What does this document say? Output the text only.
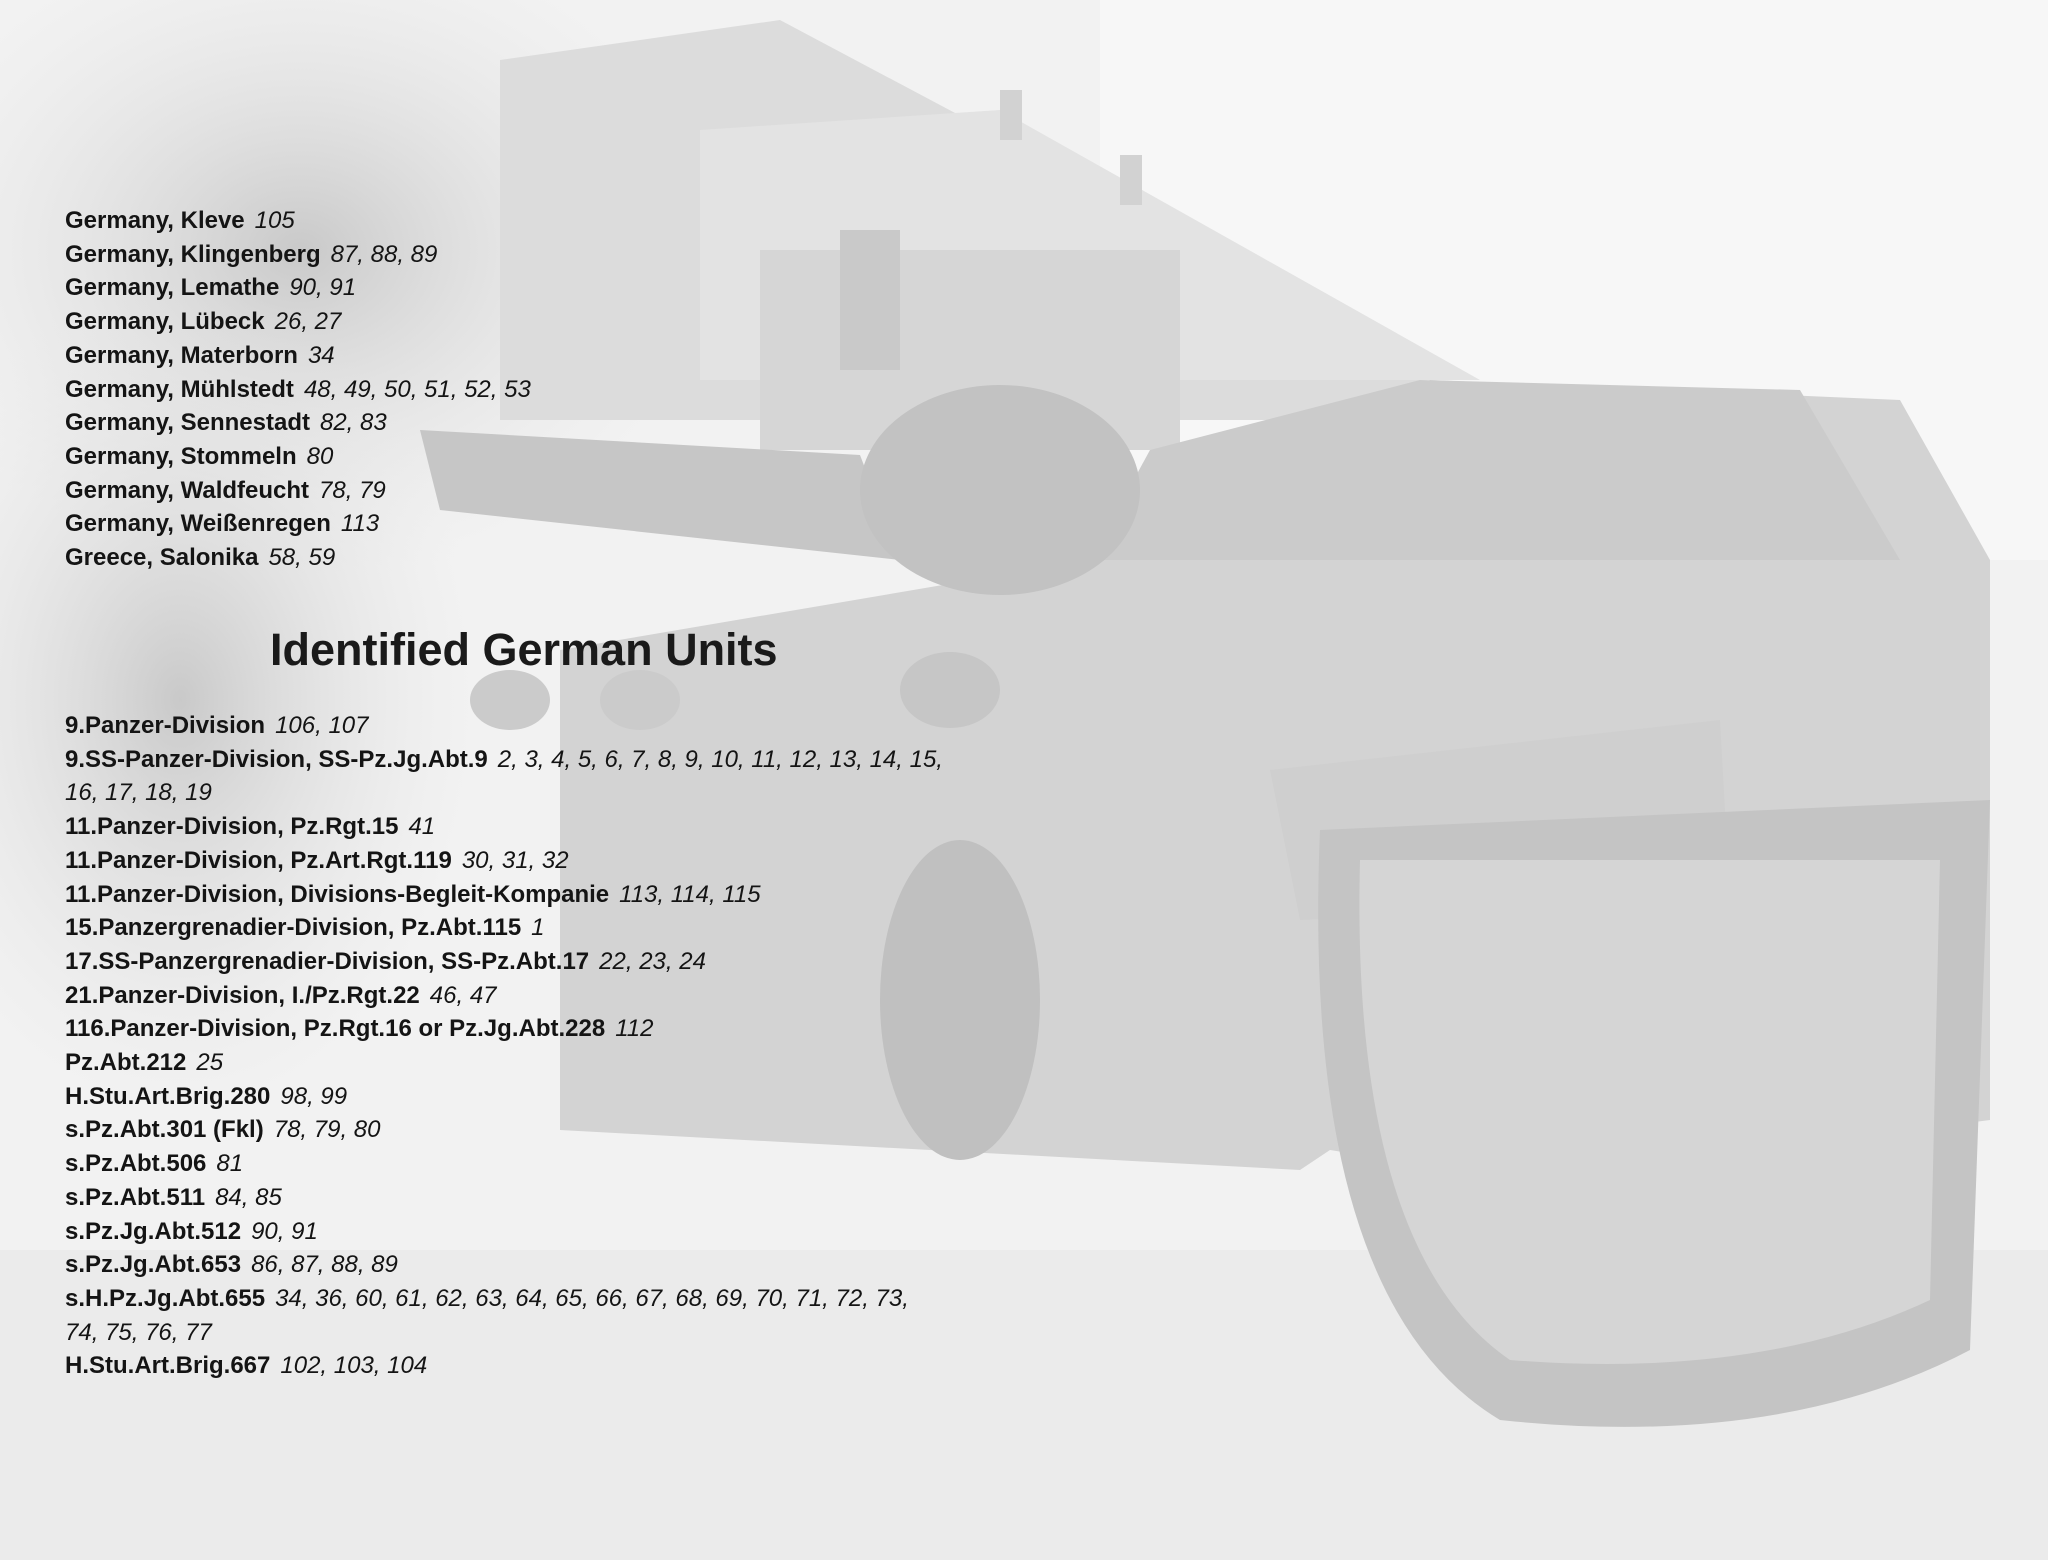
Germany, Kleve 105
Germany, Klingenberg 87, 88, 89
Germany, Lemathe 90, 91
Germany, Lübeck 26, 27
Germany, Materborn 34
Germany, Mühlstedt 48, 49, 50, 51, 52, 53
Germany, Sennestadt 82, 83
Germany, Stommeln 80
Germany, Waldfeucht 78, 79
Germany, Weißenregen 113
Greece, Salonika 58, 59
Identified German Units
9.Panzer-Division 106, 107
9.SS-Panzer-Division, SS-Pz.Jg.Abt.9 2, 3, 4, 5, 6, 7, 8, 9, 10, 11, 12, 13, 14, 15,
16, 17, 18, 19
11.Panzer-Division, Pz.Rgt.15 41
11.Panzer-Division, Pz.Art.Rgt.119 30, 31, 32
11.Panzer-Division, Divisions-Begleit-Kompanie 113, 114, 115
15.Panzergrenadier-Division, Pz.Abt.115 1
17.SS-Panzergrenadier-Division, SS-Pz.Abt.17 22, 23, 24
21.Panzer-Division, I./Pz.Rgt.22 46, 47
116.Panzer-Division, Pz.Rgt.16 or Pz.Jg.Abt.228 112
Pz.Abt.212 25
H.Stu.Art.Brig.280 98, 99
s.Pz.Abt.301 (Fkl) 78, 79, 80
s.Pz.Abt.506 81
s.Pz.Abt.511 84, 85
s.Pz.Jg.Abt.512 90, 91
s.Pz.Jg.Abt.653 86, 87, 88, 89
s.H.Pz.Jg.Abt.655 34, 36, 60, 61, 62, 63, 64, 65, 66, 67, 68, 69, 70, 71, 72, 73,
74, 75, 76, 77
H.Stu.Art.Brig.667 102, 103, 104
